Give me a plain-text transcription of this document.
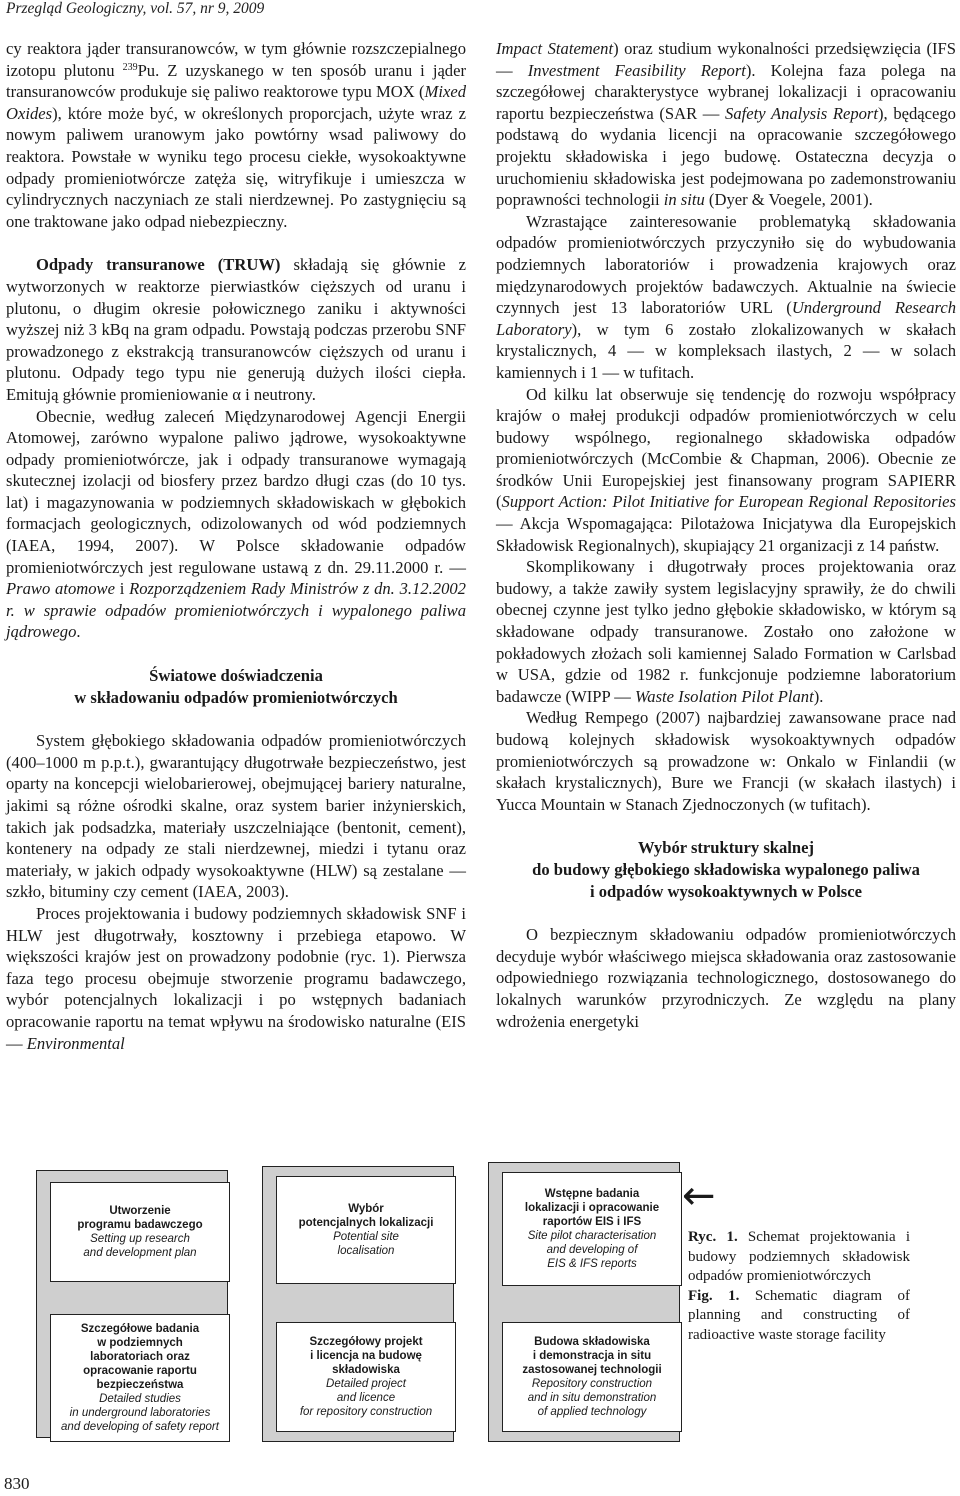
Przegląd Geologiczny, vol. 57, nr 9, 2009

cy reaktora jąder transuranowców, w tym głównie rozszczepialnego izotopu plutonu $^{239}$Pu. Z uzyskanego w ten sposób uranu i jąder transuranowców produkuje się paliwo reaktorowe typu MOX (Mixed Oxides), które może być, w określonych proporcjach, użyte wraz z nowym paliwem uranowym jako powtórny wsad paliwowy do reaktora. Powstałe w wyniku tego procesu ciekłe, wysokoaktywne odpady promieniotwórcze zatęża się, witryfikuje i umieszcza w cylindrycznych naczyniach ze stali nierdzewnej. Po zastygnięciu są one traktowane jako odpad niebezpieczny.

Odpady transuranowe (TRUW) składają się głównie z wytworzonych w reaktorze pierwiastków cięższych od uranu i plutonu, o długim okresie połowicznego zaniku i aktywności wyższej niż 3 kBq na gram odpadu. Powstają podczas przerobu SNF prowadzonego z ekstrakcją transuranowców cięższych od uranu i plutonu. Odpady tego typu nie generują dużych ilości ciepła. Emitują głównie promieniowanie α i neutrony.

Obecnie, według zaleceń Międzynarodowej Agencji Energii Atomowej, zarówno wypalone paliwo jądrowe, wysokoaktywne odpady promieniotwórcze, jak i odpady transuranowe wymagają skutecznej izolacji od biosfery przez bardzo długi czas (do 10 tys. lat) i magazynowania w podziemnych składowiskach w głębokich formacjach geologicznych, odizolowanych od wód podziemnych (IAEA, 1994, 2007). W Polsce składowanie odpadów promieniotwórczych jest regulowane ustawą z dn. 29.11.2000 r. — Prawo atomowe i Rozporządzeniem Rady Ministrów z dn. 3.12.2002 r. w sprawie odpadów promieniotwórczych i wypalonego paliwa jądrowego.

Światowe doświadczenia
w składowaniu odpadów promieniotwórczych

System głębokiego składowania odpadów promieniotwórczych (400–1000 m p.p.t.), gwarantujący długotrwałe bezpieczeństwo, jest oparty na koncepcji wielobarierowej, obejmującej bariery naturalne, jakimi są różne ośrodki skalne, oraz system barier inżynierskich, takich jak podsadzka, materiały uszczelniające (bentonit, cement), kontenery na odpady ze stali nierdzewnej, miedzi i tytanu oraz materiały, w jakich odpady wysokoaktywne (HLW) są zestalane — szkło, bituminy czy cement (IAEA, 2003).

Proces projektowania i budowy podziemnych składowisk SNF i HLW jest długotrwały, kosztowny i przebiega etapowo. W większości krajów jest on prowadzony podobnie (ryc. 1). Pierwsza faza tego procesu obejmuje stworzenie programu badawczego, wybór potencjalnych lokalizacji i po wstępnych badaniach opracowanie raportu na temat wpływu na środowisko naturalne (EIS — Environmental

Impact Statement) oraz studium wykonalności przedsięwzięcia (IFS — Investment Feasibility Report). Kolejna faza polega na szczegółowej charakterystyce wybranej lokalizacji i opracowaniu raportu bezpieczeństwa (SAR — Safety Analysis Report), będącego podstawą do wydania licencji na opracowanie szczegółowego projektu składowiska i jego budowę. Ostateczna decyzja o uruchomieniu składowiska jest podejmowana po zademonstrowaniu poprawności technologii in situ (Dyer & Voegele, 2001).

Wzrastające zainteresowanie problematyką składowania odpadów promieniotwórczych przyczyniło się do wybudowania podziemnych laboratoriów i prowadzenia krajowych oraz międzynarodowych projektów badawczych. Aktualnie na świecie czynnych jest 13 laboratoriów URL (Underground Research Laboratory), w tym 6 zostało zlokalizowanych w skałach krystalicznych, 4 — w kompleksach ilastych, 2 — w solach kamiennych i 1 — w tufitach.

Od kilku lat obserwuje się tendencję do rozwoju współpracy krajów o małej produkcji odpadów promieniotwórczych w celu budowy wspólnego, regionalnego składowiska odpadów promieniotwórczych (McCombie & Chapman, 2006). Obecnie ze środków Unii Europejskiej jest finansowany program SAPIERR (Support Action: Pilot Initiative for European Regional Repositories — Akcja Wspomagająca: Pilotażowa Inicjatywa dla Europejskich Składowisk Regionalnych), skupiający 21 organizacji z 14 państw.

Skomplikowany i długotrwały proces projektowania oraz budowy, a także zawiły system legislacyjny sprawiły, że do chwili obecnej czynne jest tylko jedno głębokie składowisko, w którym są składowane odpady transuranowe. Zostało ono założone w pokładowych złożach soli kamiennej Salado Formation w Carlsbad w USA, gdzie od 1982 r. funkcjonuje podziemne laboratorium badawcze (WIPP — Waste Isolation Pilot Plant).

Według Rempego (2007) najbardziej zawansowane prace nad budową kolejnych składowisk wysokoaktywnych odpadów promieniotwórczych są prowadzone w: Onkalo w Finlandii (w skałach krystalicznych), Bure we Francji (w skałach ilastych) i Yucca Mountain w Stanach Zjednoczonych (w tufitach).

Wybór struktury skalnej
do budowy głębokiego składowiska wypalonego paliwa
i odpadów wysokoaktywnych w Polsce

O bezpiecznym składowaniu odpadów promieniotwórczych decyduje wybór właściwego miejsca składowania oraz zastosowanie odpowiedniego rozwiązania technologicznego, dostosowanego do lokalnych warunków przyrodniczych. Ze względu na plany wdrożenia energetyki

Utworzenie
programu badawczego
Setting up research
and development plan
Wybór
potencjalnych lokalizacji
Potential site
localisation
Wstępne badania
lokalizacji i opracowanie
raportów EIS i IFS
Site pilot characterisation
and developing of
EIS & IFS reports
Szczegółowe badania
w podziemnych
laboratoriach oraz
opracowanie raportu
bezpieczeństwa
Detailed studies
in underground laboratories
and developing of safety report
Szczegółowy projekt
i licencja na budowę
składowiska
Detailed project
and licence
for repository construction
Budowa składowiska
i demonstracja in situ
zastosowanej technologii
Repository construction
and in situ demonstration
of applied technology
←
Ryc. 1. Schemat projektowania i budowy podziemnych składowisk odpadów promieniotwórczych
Fig. 1. Schematic diagram of planning and constructing of radioactive waste storage facility
830
